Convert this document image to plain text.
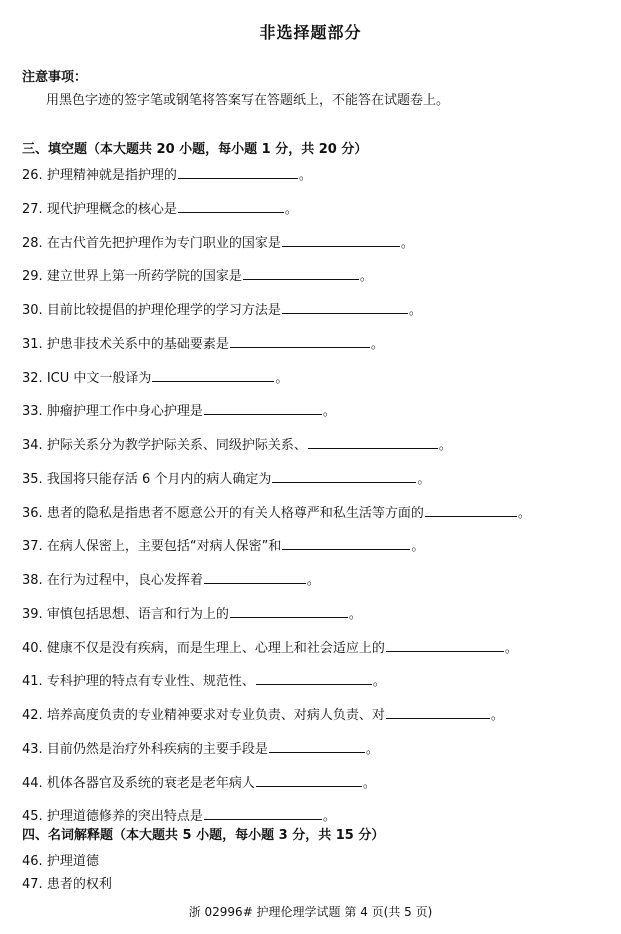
非选择题部分
注意事项：
用黑色字迹的签字笔或钢笔将答案写在答题纸上，不能答在试题卷上。
三、填空题（本大题共 20 小题，每小题 1 分，共 20 分）
26. 护理精神就是指护理的	。
27. 现代护理概念的核心是	。
28. 在古代首先把护理作为专门职业的国家是	。
29. 建立世界上第一所药学院的国家是	。
30. 目前比较提倡的护理伦理学的学习方法是	。
31. 护患非技术关系中的基础要素是	。
32. ICU 中文一般译为	。
33. 肿瘤护理工作中身心护理是	。
34. 护际关系分为教学护际关系、同级护际关系、	。
35. 我国将只能存活 6 个月内的病人确定为	。
36. 患者的隐私是指患者不愿意公开的有关人格尊严和私生活等方面的	。
37. 在病人保密上，主要包括“对病人保密”和	。
38. 在行为过程中，良心发挥着	。
39. 审慎包括思想、语言和行为上的	。
40. 健康不仅是没有疾病，而是生理上、心理上和社会适应上的	。
41. 专科护理的特点有专业性、规范性、	。
42. 培养高度负责的专业精神要求对专业负责、对病人负责、对	。
43. 目前仍然是治疗外科疾病的主要手段是	。
44. 机体各器官及系统的衰老是老年病人	。
45. 护理道德修养的突出特点是	。
四、名词解释题（本大题共 5 小题，每小题 3 分，共 15 分）
46. 护理道德
47. 患者的权利
浙 02996# 护理伦理学试题 第 4 页(共 5 页)
